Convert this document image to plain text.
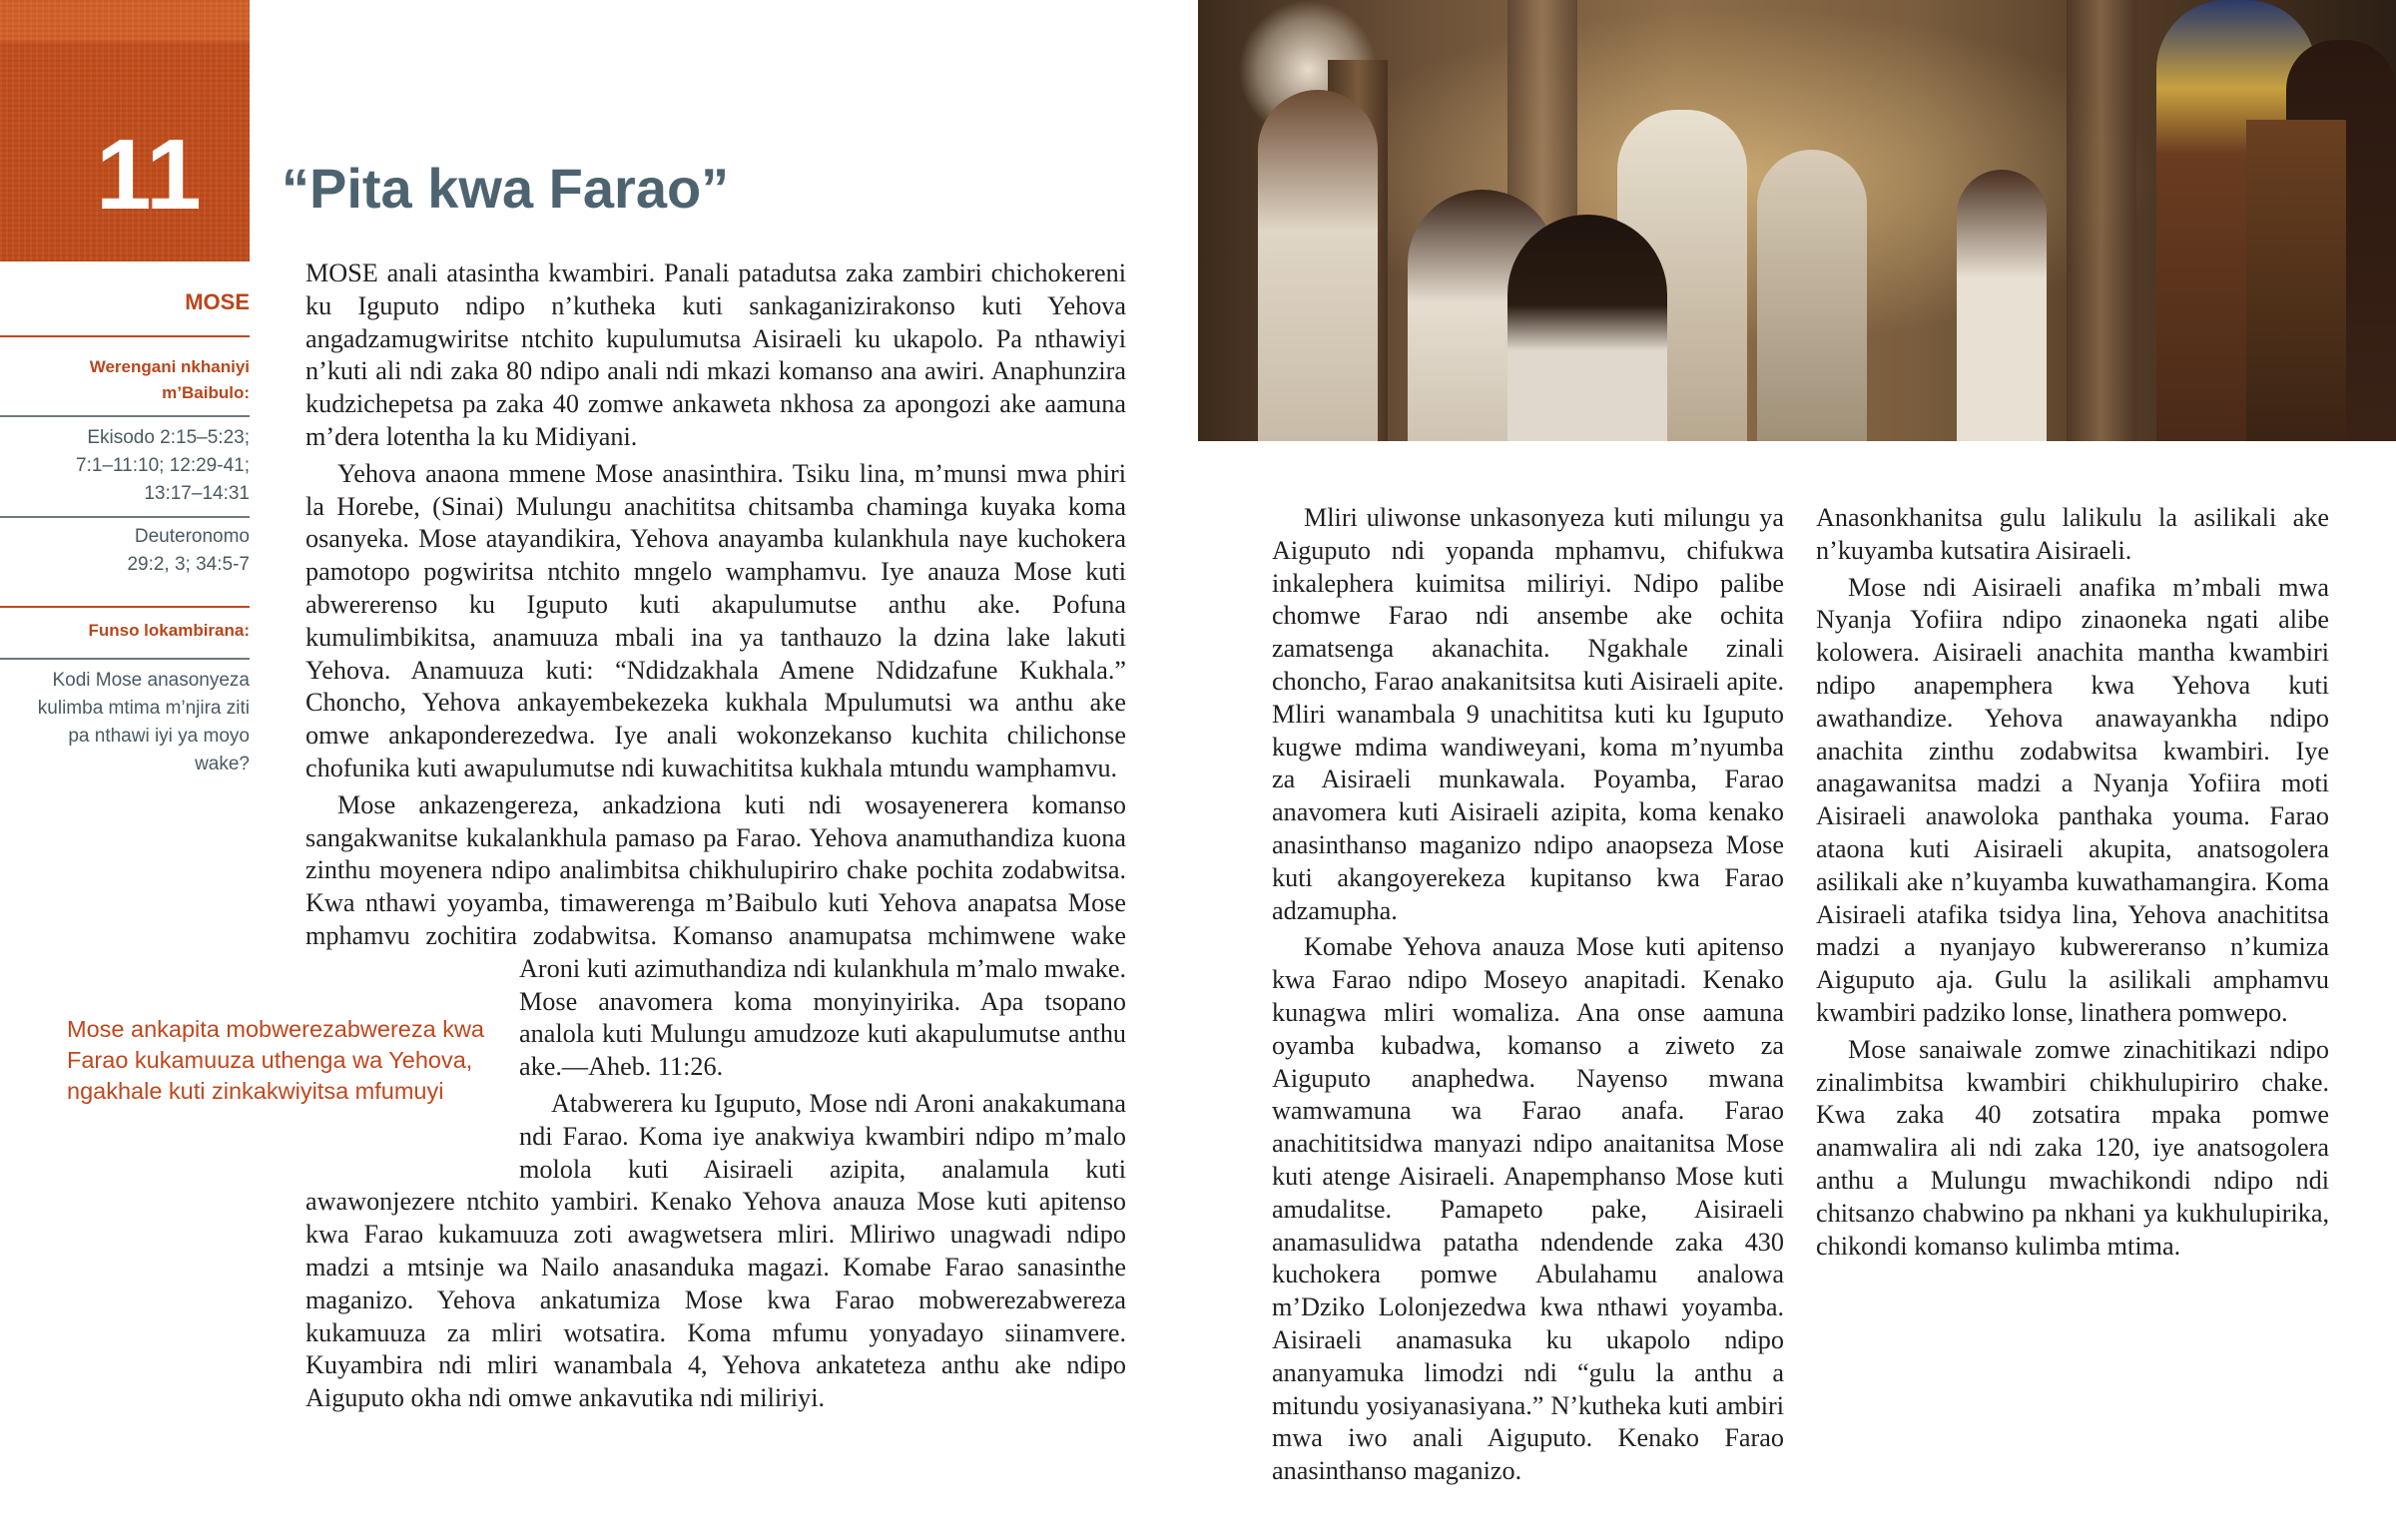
11 “Pita kwa Farao”
MOSE
Werengani nkhaniyi m’Baibulo:
Ekisodo 2:15–5:23;
7:1–11:10; 12:29-41;
13:17–14:31
Deuteronomo
29:2, 3; 34:5-7
Funso lokambirana:
Kodi Mose anasonyeza kulimba mtima m’njira ziti pa nthawi iyi ya moyo wake?
Mose ankapita mobwerezabwereza kwa Farao kukamuuza uthenga wa Yehova, ngakhale kuti zinkakwiyitsa mfumuyi

MOSE anali atasintha kwambiri. Panali patadutsa zaka zambiri chichokereni ku Iguputo ndipo n’kutheka kuti sankaganizirakonso kuti Yehova angadzamugwiritse ntchito kupulumutsa Aisiraeli ku ukapolo. Pa nthawiyi n’kuti ali ndi zaka 80 ndipo anali ndi mkazi komanso ana awiri. Anaphunzira kudzichepetsa pa zaka 40 zomwe ankaweta nkhosa za apongozi ake aamuna m’dera lotentha la ku Midiyani.

Yehova anaona mmene Mose anasinthira. Tsiku lina, m’munsi mwa phiri la Horebe, (Sinai) Mulungu anachititsa chitsamba chaminga kuyaka koma osanyeka. Mose atayandikira, Yehova anayamba kulankhula naye kuchokera pamotopo pogwiritsa ntchito mngelo wamphamvu. Iye anauza Mose kuti abwererenso ku Iguputo kuti akapulumutse anthu ake. Pofuna kumulimbikitsa, anamuuza mbali ina ya tanthauzo la dzina lake lakuti Yehova. Anamuuza kuti: “Ndidzakhala Amene Ndidzafune Kukhala.” Choncho, Yehova ankayembekezeka kukhala Mpulumutsi wa anthu ake omwe ankaponderezedwa. Iye anali wokonzekanso kuchita chilichonse chofunika kuti awapulumutse ndi kuwachititsa kukhala mtundu wamphamvu.

Mose ankazengereza, ankadziona kuti ndi wosayenerera komanso sangakwanitse kukalankhula pamaso pa Farao. Yehova anamuthandiza kuona zinthu moyenera ndipo analimbitsa chikhulupiriro chake pochita zodabwitsa. Kwa nthawi yoyamba, timawerenga m’Baibulo kuti Yehova anapatsa Mose mphamvu zochitira zodabwitsa. Komanso anamupatsa mchimwene wake Aroni kuti azimuthandiza ndi kulankhula m’malo mwake. Mose anavomera koma monyinyirika. Apa tsopano analola kuti Mulungu amudzoze kuti akapulumutse anthu ake.—Aheb. 11:26.

Atabwerera ku Iguputo, Mose ndi Aroni anakakumana ndi Farao. Koma iye anakwiya kwambiri ndipo m’malo mololа kuti Aisiraeli azipita, analamula kuti awawonjezere ntchito yambiri. Kenako Yehova anauza Mose kuti apitenso kwa Farao kukamuuza zoti awagwetsera mliri. Mliriwo unagwadi ndipo madzi a mtsinje wa Nailo anasanduka magazi. Komabe Farao sanasinthe maganizo. Yehova ankatumiza Mose kwa Farao mobwerezabwereza kukamuuza za mliri wotsatira. Koma mfumu yonyadayo siinamvere. Kuyambira ndi mliri wanambala 4, Yehova ankateteza anthu ake ndipo Aiguputo okha ndi omwe ankavutika ndi miliriyi.

Mliri uliwonse unkasonyeza kuti milungu ya Aiguputo ndi yopanda mphamvu, chifukwa inkalephera kuimitsa miliriyi. Ndipo palibe chomwe Farao ndi ansembe ake ochita zamatsenga akanachita. Ngakhale zinali choncho, Farao anakanitsitsa kuti Aisiraeli apite. Mliri wanambala 9 unachititsa kuti ku Iguputo kugwe mdima wandiweyani, koma m’nyumba za Aisiraeli munkawala. Poyamba, Farao anavomera kuti Aisiraeli azipita, koma kenako anasinthanso maganizo ndipo anaopseza Mose kuti akangoyerekeza kupitanso kwa Farao adzamupha.

Komabe Yehova anauza Mose kuti apitenso kwa Farao ndipo Moseyo anapitadi. Kenako kunagwa mliri womaliza. Ana onse aamuna oyamba kubadwa, komanso a ziweto za Aiguputo anaphedwa. Nayenso mwana wamwamuna wa Farao anafa. Farao anachititsidwa manyazi ndipo anaitanitsa Mose kuti atenge Aisiraeli. Anapemphanso Mose kuti amudalitse. Pamapeto pake, Aisiraeli anamasulidwa patatha ndendende zaka 430 kuchokera pomwe Abulahamu analowa m’Dziko Lolonjezedwa kwa nthawi yoyamba. Aisiraeli anamasuka ku ukapolo ndipo ananyamuka limodzi ndi “gulu la anthu a mitundu yosiyanasiyana.” N’kutheka kuti ambiri mwa iwo anali Aiguputo. Kenako Farao anasinthanso maganizo.

Anasonkhanitsa gulu lalikulu la asilikali ake n’kuyamba kutsatira Aisiraeli.

Mose ndi Aisiraeli anafika m’mbali mwa Nyanja Yofiira ndipo zinaoneka ngati alibe kolowera. Aisiraeli anachita mantha kwambiri ndipo anapemphera kwa Yehova kuti awathandize. Yehova anawayankha ndipo anachita zinthu zodabwitsa kwambiri. Iye anagawanitsa madzi a Nyanja Yofiira moti Aisiraeli anawoloka panthaka youma. Farao ataona kuti Aisiraeli akupita, anatsogolera asilikali ake n’kuyamba kuwathamangira. Koma Aisiraeli atafika tsidya lina, Yehova anachititsa madzi a nyanjayo kubwereranso n’kumiza Aiguputo aja. Gulu la asilikali amphamvu kwambiri padziko lonse, linathera pomwepo.

Mose sanaiwale zomwe zinachitikazi ndipo zinalimbitsa kwambiri chikhulupiriro chake. Kwa zaka 40 zotsatira mpaka pomwe anamwalira ali ndi zaka 120, iye anatsogolera anthu a Mulungu mwachikondi ndipo ndi chitsanzo chabwino pa nkhani ya kukhulupirika, chikondi komanso kulimba mtima.
